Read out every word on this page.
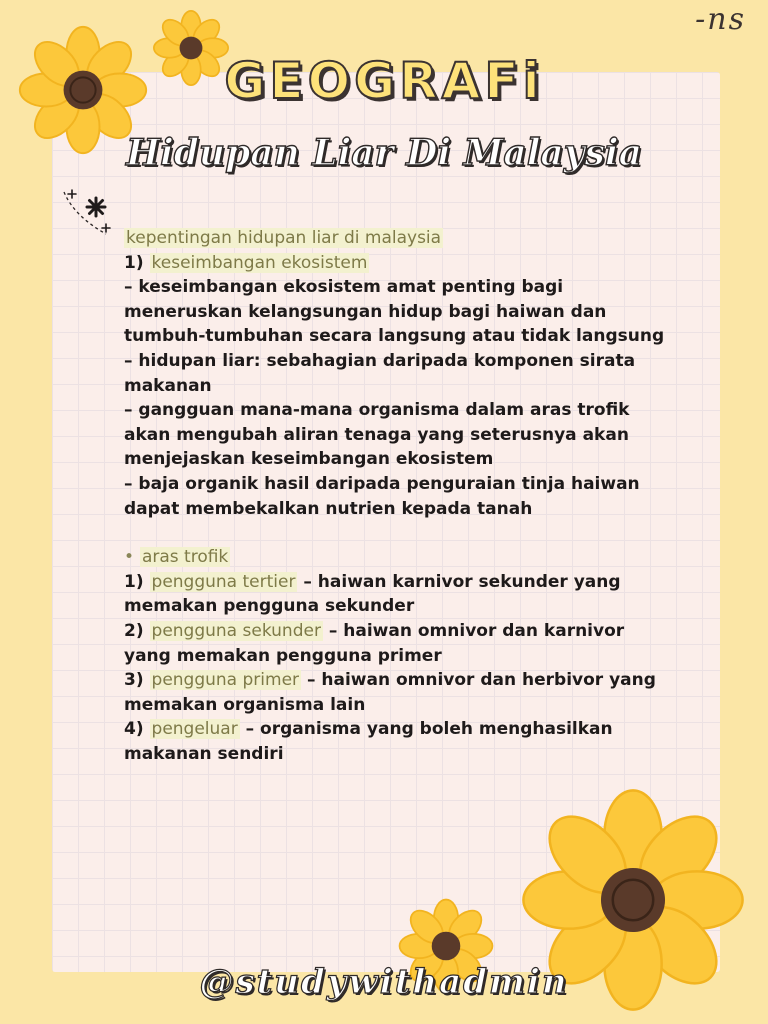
-ns
GEOGRAFi
Hidupan Liar Di Malaysia

kepentingan hidupan liar di malaysia

1) keseimbangan ekosistem

– keseimbangan ekosistem amat penting bagi

meneruskan kelangsungan hidup bagi haiwan dan

tumbuh-tumbuhan secara langsung atau tidak langsung

– hidupan liar: sebahagian daripada komponen sirata

makanan

– gangguan mana-mana organisma dalam aras trofik

akan mengubah aliran tenaga yang seterusnya akan

menjejaskan keseimbangan ekosistem

– baja organik hasil daripada penguraian tinja haiwan

dapat membekalkan nutrien kepada tanah

• aras trofik

1) pengguna tertier – haiwan karnivor sekunder yang

memakan pengguna sekunder

2) pengguna sekunder – haiwan omnivor dan karnivor

yang memakan pengguna primer

3) pengguna primer – haiwan omnivor dan herbivor yang

memakan organisma lain

4) pengeluar – organisma yang boleh menghasilkan

makanan sendiri

@studywithadmin
